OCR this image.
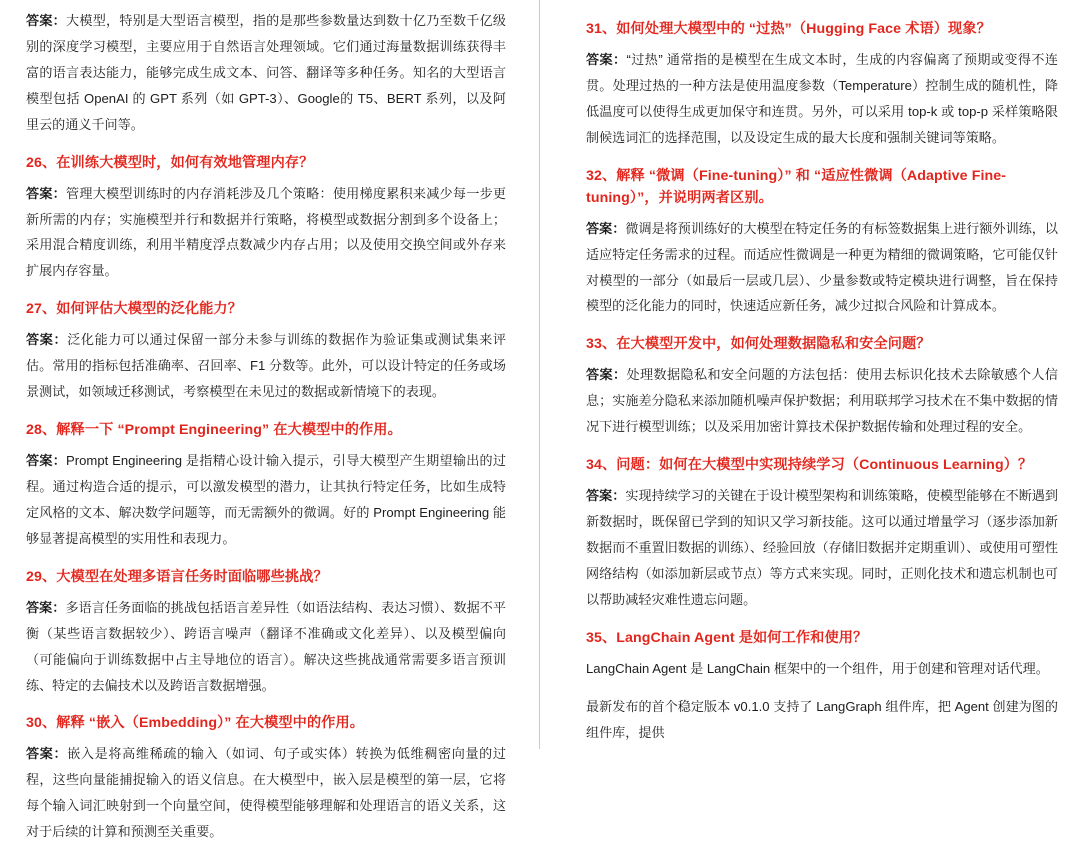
答案：大模型，特别是大型语言模型，指的是那些参数量达到数十亿乃至数千亿级别的深度学习模型，主要应用于自然语言处理领域。它们通过海量数据训练获得丰富的语言表达能力，能够完成生成文本、问答、翻译等多种任务。知名的大型语言模型包括 OpenAI 的 GPT 系列（如 GPT-3）、Google的 T5、BERT 系列，以及阿里云的通义千问等。

26、在训练大模型时，如何有效地管理内存？

答案：管理大模型训练时的内存消耗涉及几个策略：使用梯度累积来减少每一步更新所需的内存；实施模型并行和数据并行策略，将模型或数据分割到多个设备上；采用混合精度训练，利用半精度浮点数减少内存占用；以及使用交换空间或外存来扩展内存容量。

27、如何评估大模型的泛化能力？

答案：泛化能力可以通过保留一部分未参与训练的数据作为验证集或测试集来评估。常用的指标包括准确率、召回率、F1 分数等。此外，可以设计特定的任务或场景测试，如领域迁移测试，考察模型在未见过的数据或新情境下的表现。

28、解释一下 “Prompt Engineering” 在大模型中的作用。

答案：Prompt Engineering 是指精心设计输入提示，引导大模型产生期望输出的过程。通过构造合适的提示，可以激发模型的潜力，让其执行特定任务，比如生成特定风格的文本、解决数学问题等，而无需额外的微调。好的 Prompt Engineering 能够显著提高模型的实用性和表现力。

29、大模型在处理多语言任务时面临哪些挑战？

答案：多语言任务面临的挑战包括语言差异性（如语法结构、表达习惯）、数据不平衡（某些语言数据较少）、跨语言噪声（翻译不准确或文化差异）、以及模型偏向（可能偏向于训练数据中占主导地位的语言）。解决这些挑战通常需要多语言预训练、特定的去偏技术以及跨语言数据增强。

30、解释 “嵌入（Embedding）” 在大模型中的作用。

答案：嵌入是将高维稀疏的输入（如词、句子或实体）转换为低维稠密向量的过程，这些向量能捕捉输入的语义信息。在大模型中，嵌入层是模型的第一层，它将每个输入词汇映射到一个向量空间，使得模型能够理解和处理语言的语义关系，这对于后续的计算和预测至关重要。

31、如何处理大模型中的 “过热”（Hugging Face 术语）现象？

答案：“过热” 通常指的是模型在生成文本时，生成的内容偏离了预期或变得不连贯。处理过热的一种方法是使用温度参数（Temperature）控制生成的随机性，降低温度可以使得生成更加保守和连贯。另外，可以采用 top-k 或 top-p 采样策略限制候选词汇的选择范围，以及设定生成的最大长度和强制关键词等策略。

32、解释 “微调（Fine-tuning）” 和 “适应性微调（Adaptive Fine-tuning）”，并说明两者区别。

答案：微调是将预训练好的大模型在特定任务的有标签数据集上进行额外训练，以适应特定任务需求的过程。而适应性微调是一种更为精细的微调策略，它可能仅针对模型的一部分（如最后一层或几层）、少量参数或特定模块进行调整，旨在保持模型的泛化能力的同时，快速适应新任务，减少过拟合风险和计算成本。

33、在大模型开发中，如何处理数据隐私和安全问题？

答案：处理数据隐私和安全问题的方法包括：使用去标识化技术去除敏感个人信息；实施差分隐私来添加随机噪声保护数据；利用联邦学习技术在不集中数据的情况下进行模型训练；以及采用加密计算技术保护数据传输和处理过程的安全。

34、问题：如何在大模型中实现持续学习（Continuous Learning）？

答案：实现持续学习的关键在于设计模型架构和训练策略，使模型能够在不断遇到新数据时，既保留已学到的知识又学习新技能。这可以通过增量学习（逐步添加新数据而不重置旧数据的训练）、经验回放（存储旧数据并定期重训）、或使用可塑性网络结构（如添加新层或节点）等方式来实现。同时，正则化技术和遗忘机制也可以帮助减轻灾难性遗忘问题。

35、LangChain Agent 是如何工作和使用？

LangChain Agent 是 LangChain 框架中的一个组件，用于创建和管理对话代理。

最新发布的首个稳定版本 v0.1.0 支持了 LangGraph 组件库，把 Agent 创建为图的组件库，提供
